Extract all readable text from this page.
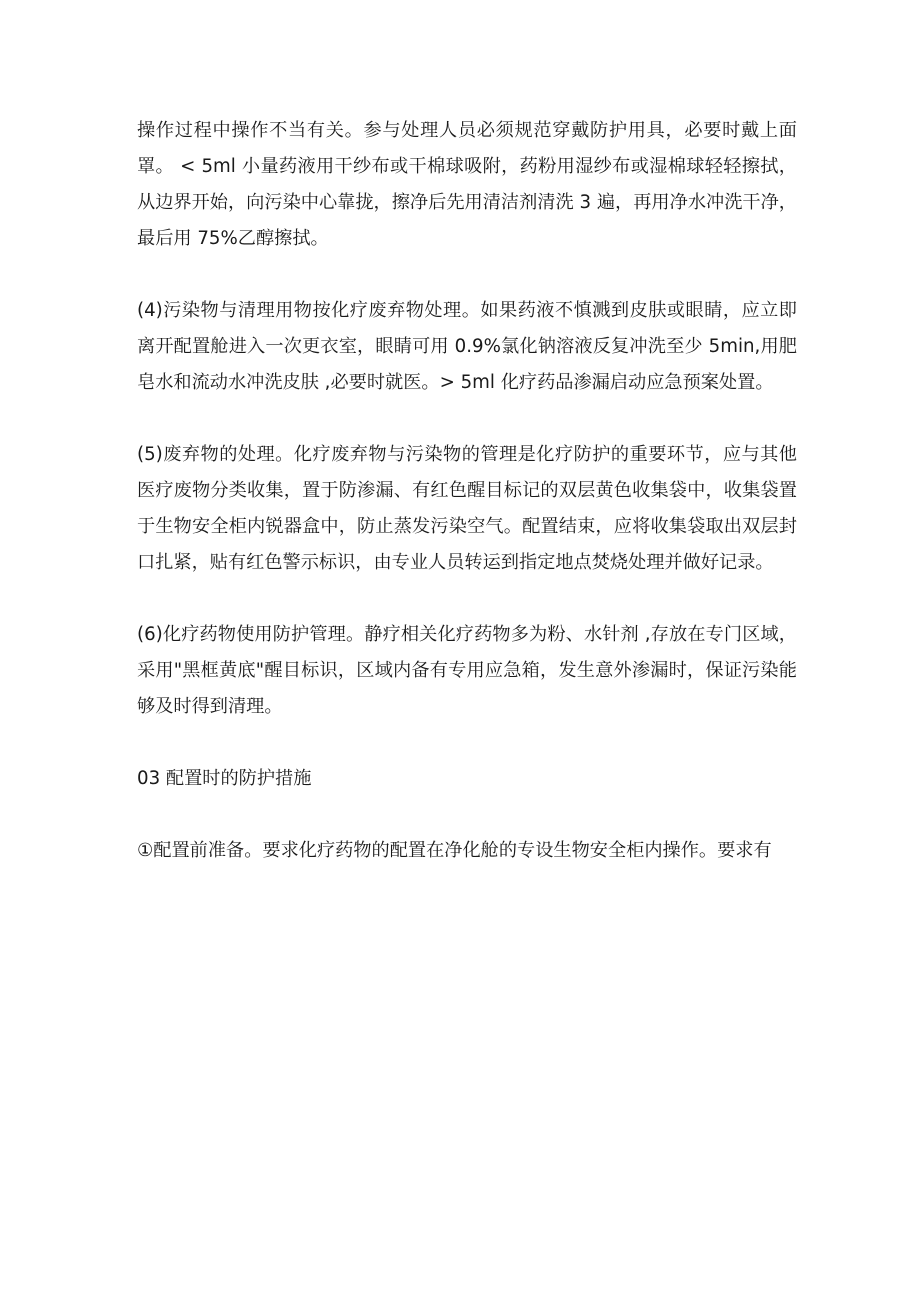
操作过程中操作不当有关。参与处理人员必须规范穿戴防护用具，必要时戴上面罩。 < 5ml 小量药液用干纱布或干棉球吸附，药粉用湿纱布或湿棉球轻轻擦拭，从边界开始，向污染中心靠拢，擦净后先用清洁剂清洗 3 遍，再用净水冲洗干净，最后用 75%乙醇擦拭。

(4)污染物与清理用物按化疗废弃物处理。如果药液不慎溅到皮肤或眼睛，应立即离开配置舱进入一次更衣室，眼睛可用 0.9%氯化钠溶液反复冲洗至少 5min,用肥皂水和流动水冲洗皮肤 ,必要时就医。> 5ml 化疗药品渗漏启动应急预案处置。

(5)废弃物的处理。化疗废弃物与污染物的管理是化疗防护的重要环节，应与其他医疗废物分类收集，置于防渗漏、有红色醒目标记的双层黄色收集袋中，收集袋置于生物安全柜内锐器盒中，防止蒸发污染空气。配置结束，应将收集袋取出双层封口扎紧，贴有红色警示标识，由专业人员转运到指定地点焚烧处理并做好记录。

(6)化疗药物使用防护管理。静疗相关化疗药物多为粉、水针剂 ,存放在专门区域，采用"黑框黄底"醒目标识，区域内备有专用应急箱，发生意外渗漏时，保证污染能够及时得到清理。

03 配置时的防护措施

①配置前准备。要求化疗药物的配置在净化舱的专设生物安全柜内操作。要求有
